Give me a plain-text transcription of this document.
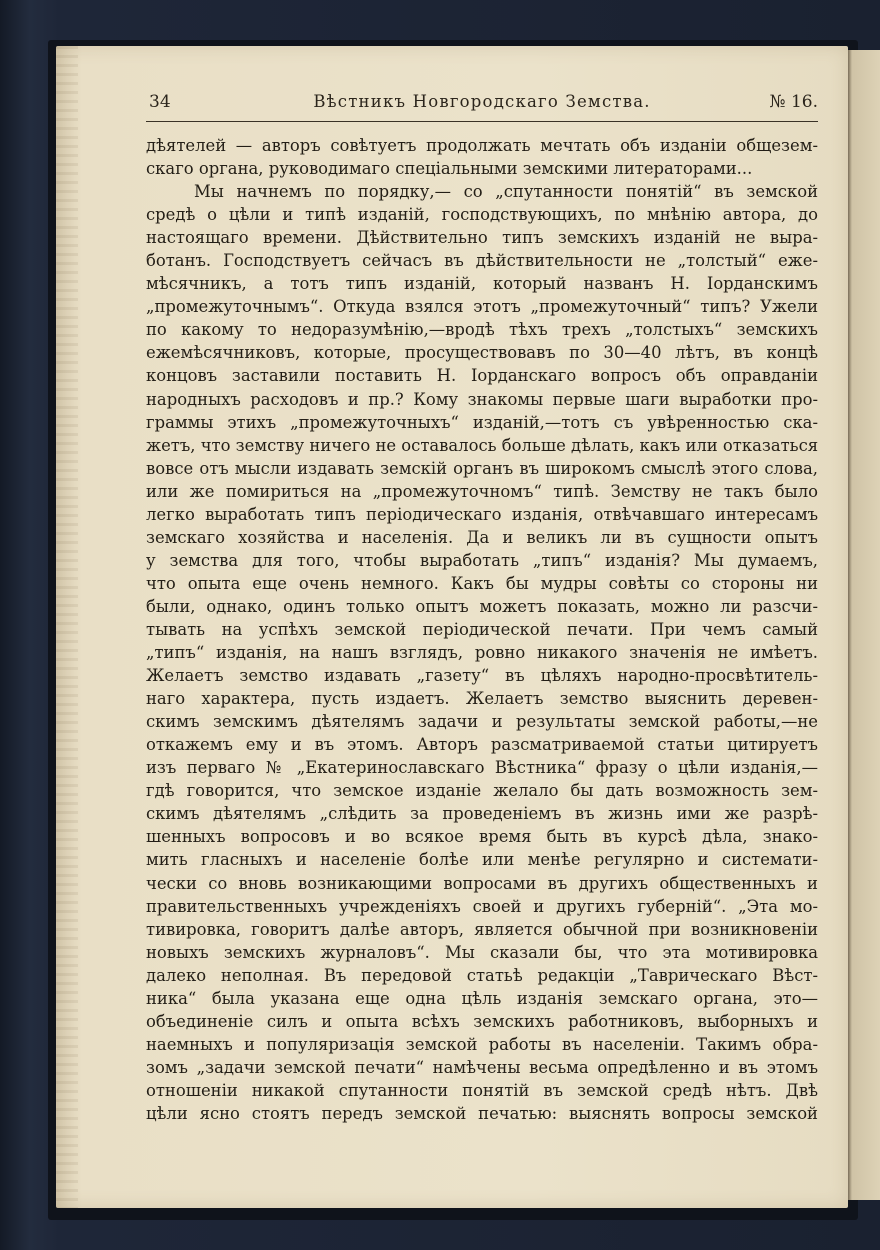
34	Вѣстникъ Новгородскаго Земства.	№ 16.
дѣятелей — авторъ совѣтуетъ продолжать мечтать объ изданіи общезем-
скаго органа, руководимаго спеціальными земскими литераторами...
Мы начнемъ по порядку,— со „спутанности понятій“ въ земской
средѣ о цѣли и типѣ изданій, господствующихъ, по мнѣнію автора, до
настоящаго времени. Дѣйствительно типъ земскихъ изданій не выра-
ботанъ. Господствуетъ сейчасъ въ дѣйствительности не „толстый“ еже-
мѣсячникъ, а тотъ типъ изданій, который названъ Н. Іорданскимъ
„промежуточнымъ“. Откуда взялся этотъ „промежуточный“ типъ? Ужели
по какому то недоразумѣнію,—вродѣ тѣхъ трехъ „толстыхъ“ земскихъ
ежемѣсячниковъ, которые, просуществовавъ по 30—40 лѣтъ, въ концѣ
концовъ заставили поставить Н. Іорданскаго вопросъ объ оправданіи
народныхъ расходовъ и пр.? Кому знакомы первые шаги выработки про-
граммы этихъ „промежуточныхъ“ изданій,—тотъ съ увѣренностью ска-
жетъ, что земству ничего не оставалось больше дѣлать, какъ или отказаться
вовсе отъ мысли издавать земскій органъ въ широкомъ смыслѣ этого слова,
или же помириться на „промежуточномъ“ типѣ. Земству не такъ было
легко выработать типъ періодическаго изданія, отвѣчавшаго интересамъ
земскаго хозяйства и населенія. Да и великъ ли въ сущности опытъ
у земства для того, чтобы выработать „типъ“ изданія? Мы думаемъ,
что опыта еще очень немного. Какъ бы мудры совѣты со стороны ни
были, однако, одинъ только опытъ можетъ показать, можно ли разсчи-
тывать на успѣхъ земской періодической печати. При чемъ самый
„типъ“ изданія, на нашъ взглядъ, ровно никакого значенія не имѣетъ.
Желаетъ земство издавать „газету“ въ цѣляхъ народно-просвѣтитель-
наго характера, пусть издаетъ. Желаетъ земство выяснить деревен-
скимъ земскимъ дѣятелямъ задачи и результаты земской работы,—не
откажемъ ему и въ этомъ. Авторъ разсматриваемой статьи цитируетъ
изъ перваго № „Екатеринославскаго Вѣстника“ фразу о цѣли изданія,—
гдѣ говорится, что земское изданіе желало бы дать возможность зем-
скимъ дѣятелямъ „слѣдить за проведеніемъ въ жизнь ими же разрѣ-
шенныхъ вопросовъ и во всякое время быть въ курсѣ дѣла, знако-
мить гласныхъ и населеніе болѣе или менѣе регулярно и системати-
чески со вновь возникающими вопросами въ другихъ общественныхъ и
правительственныхъ учрежденіяхъ своей и другихъ губерній“. „Эта мо-
тивировка, говоритъ далѣе авторъ, является обычной при возникновеніи
новыхъ земскихъ журналовъ“. Мы сказали бы, что эта мотивировка
далеко неполная. Въ передовой статьѣ редакціи „Таврическаго Вѣст-
ника“ была указана еще одна цѣль изданія земскаго органа, это—
объединеніе силъ и опыта всѣхъ земскихъ работниковъ, выборныхъ и
наемныхъ и популяризація земской работы въ населеніи. Такимъ обра-
зомъ „задачи земской печати“ намѣчены весьма опредѣленно и въ этомъ
отношеніи никакой спутанности понятій въ земской средѣ нѣтъ. Двѣ
цѣли ясно стоятъ передъ земской печатью: выяснять вопросы земской
